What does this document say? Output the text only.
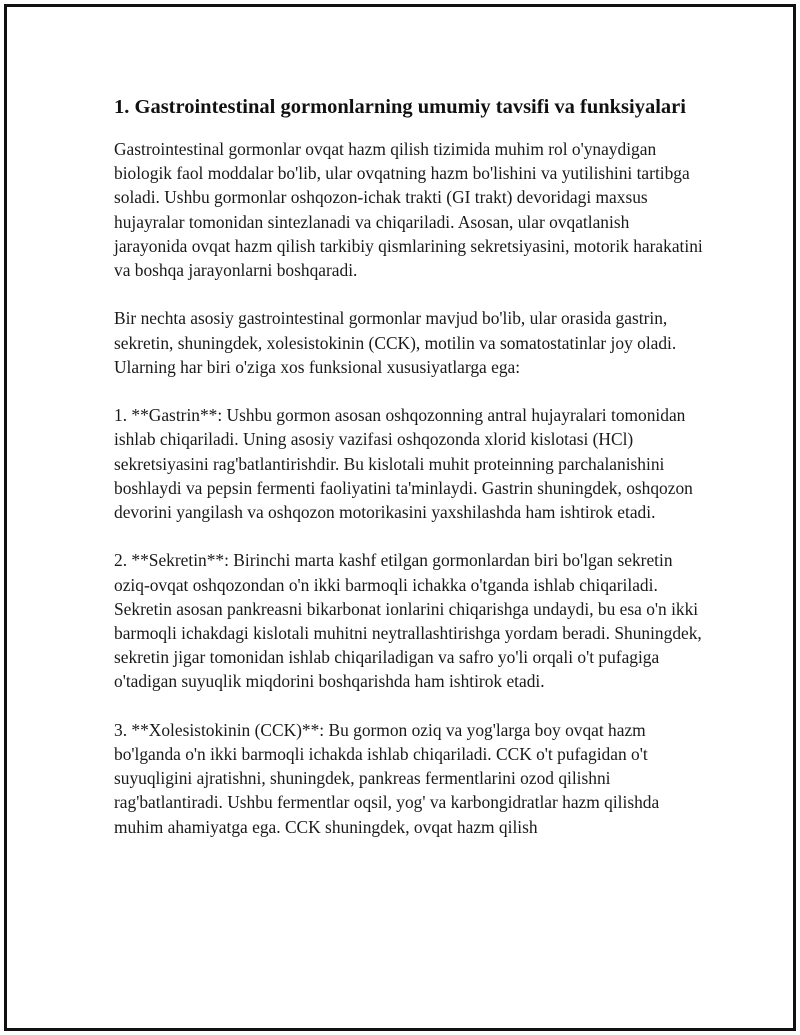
1. Gastrointestinal gormonlarning umumiy tavsifi va funksiyalari

Gastrointestinal gormonlar ovqat hazm qilish tizimida muhim rol o'ynaydigan biologik faol moddalar bo'lib, ular ovqatning hazm bo'lishini va yutilishini tartibga soladi. Ushbu gormonlar oshqozon-ichak trakti (GI trakt) devoridagi maxsus hujayralar tomonidan sintezlanadi va chiqariladi. Asosan, ular ovqatlanish jarayonida ovqat hazm qilish tarkibiy qismlarining sekretsiyasini, motorik harakatini va boshqa jarayonlarni boshqaradi.

Bir nechta asosiy gastrointestinal gormonlar mavjud bo'lib, ular orasida gastrin, sekretin, shuningdek, xolesistokinin (CCK), motilin va somatostatinlar joy oladi. Ularning har biri o'ziga xos funksional xususiyatlarga ega:

1. **Gastrin**: Ushbu gormon asosan oshqozonning antral hujayralari tomonidan ishlab chiqariladi. Uning asosiy vazifasi oshqozonda xlorid kislotasi (HCl) sekretsiyasini rag'batlantirishdir. Bu kislotali muhit proteinning parchalanishini boshlaydi va pepsin fermenti faoliyatini ta'minlaydi. Gastrin shuningdek, oshqozon devorini yangilash va oshqozon motorikasini yaxshilashda ham ishtirok etadi.

2. **Sekretin**: Birinchi marta kashf etilgan gormonlardan biri bo'lgan sekretin oziq-ovqat oshqozondan o'n ikki barmoqli ichakka o'tganda ishlab chiqariladi. Sekretin asosan pankreasni bikarbonat ionlarini chiqarishga undaydi, bu esa o'n ikki barmoqli ichakdagi kislotali muhitni neytrallashtirishga yordam beradi. Shuningdek, sekretin jigar tomonidan ishlab chiqariladigan va safro yo'li orqali o't pufagiga o'tadigan suyuqlik miqdorini boshqarishda ham ishtirok etadi.

3. **Xolesistokinin (CCK)**: Bu gormon oziq va yog'larga boy ovqat hazm bo'lganda o'n ikki barmoqli ichakda ishlab chiqariladi. CCK o't pufagidan o't suyuqligini ajratishni, shuningdek, pankreas fermentlarini ozod qilishni rag'batlantiradi. Ushbu fermentlar oqsil, yog' va karbongidratlar hazm qilishda muhim ahamiyatga ega. CCK shuningdek, ovqat hazm qilish
